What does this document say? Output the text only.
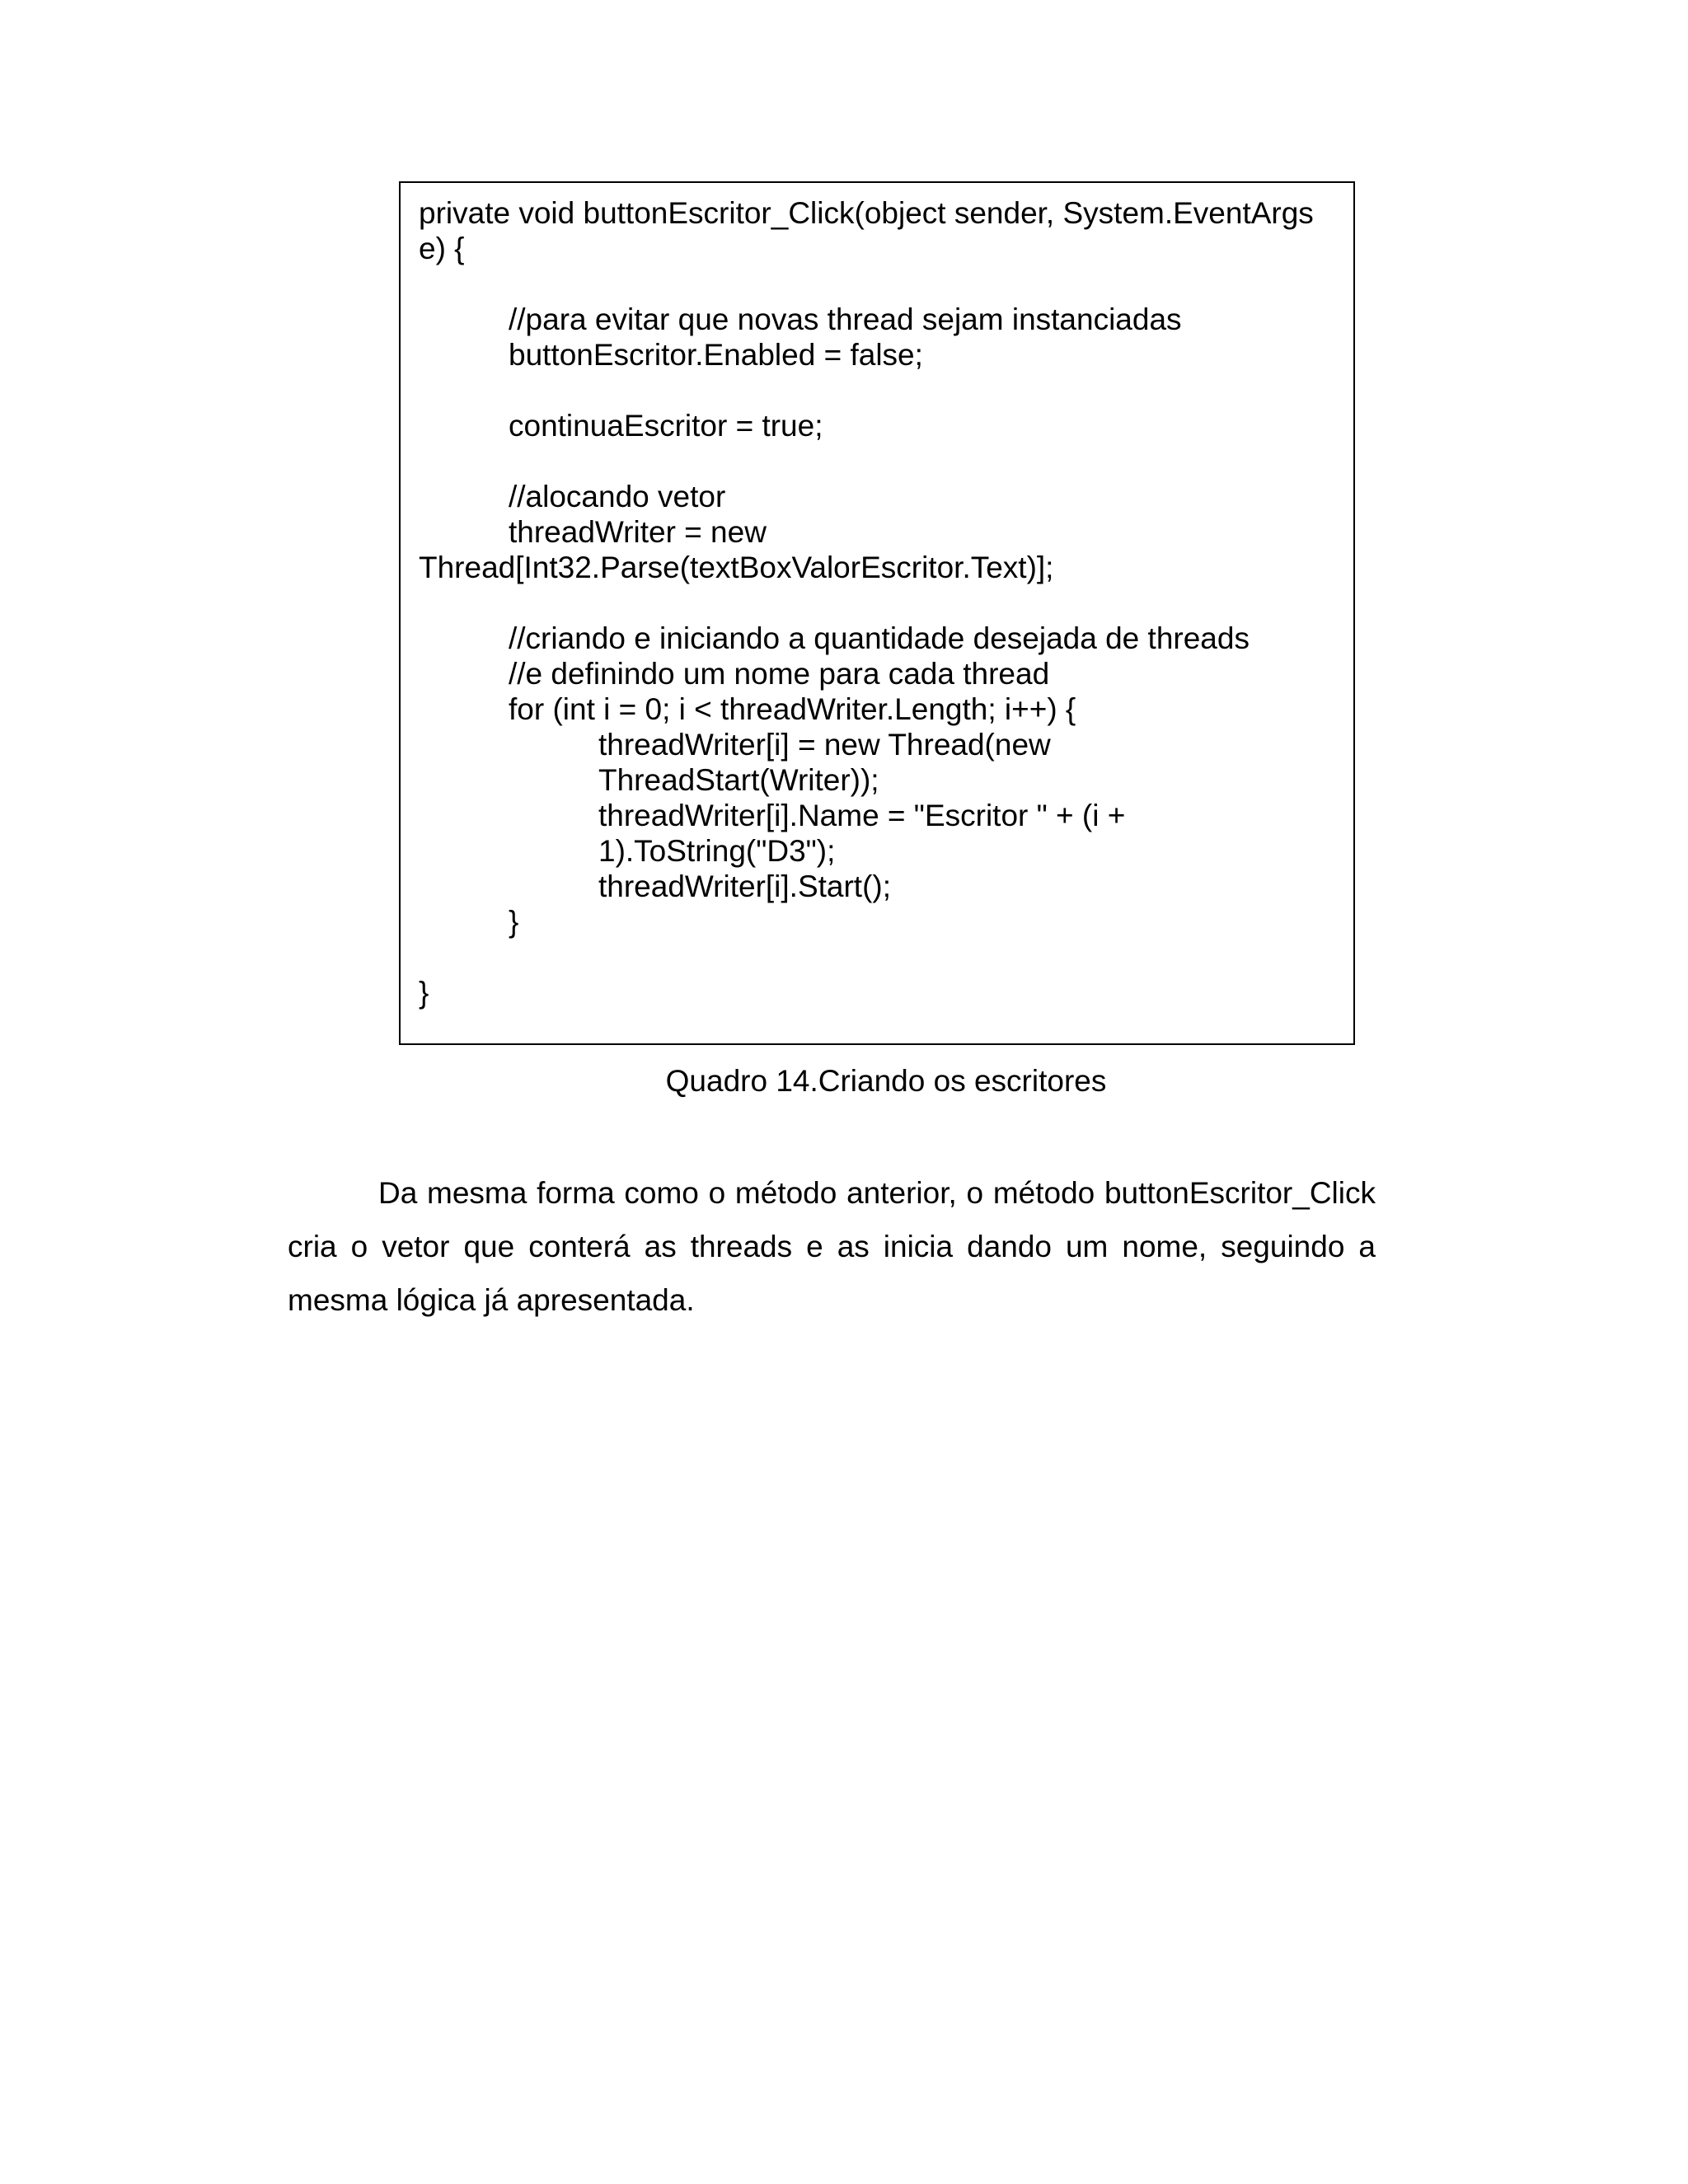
private void buttonEscritor_Click(object sender, System.EventArgs
e) {
//para evitar que novas thread sejam instanciadas
buttonEscritor.Enabled = false;
continuaEscritor = true;
//alocando vetor
threadWriter = new
Thread[Int32.Parse(textBoxValorEscritor.Text)];
//criando e iniciando a quantidade desejada de threads
//e definindo um nome para cada thread
for (int i = 0; i < threadWriter.Length; i++) {
threadWriter[i] = new Thread(new
ThreadStart(Writer));
threadWriter[i].Name = "Escritor " + (i +
1).ToString("D3");
threadWriter[i].Start();
}
}
Quadro 14.Criando os escritores
Da mesma forma como o método anterior, o método buttonEscritor_Click cria o vetor que conterá as threads e as inicia dando um nome, seguindo a mesma lógica já apresentada.
